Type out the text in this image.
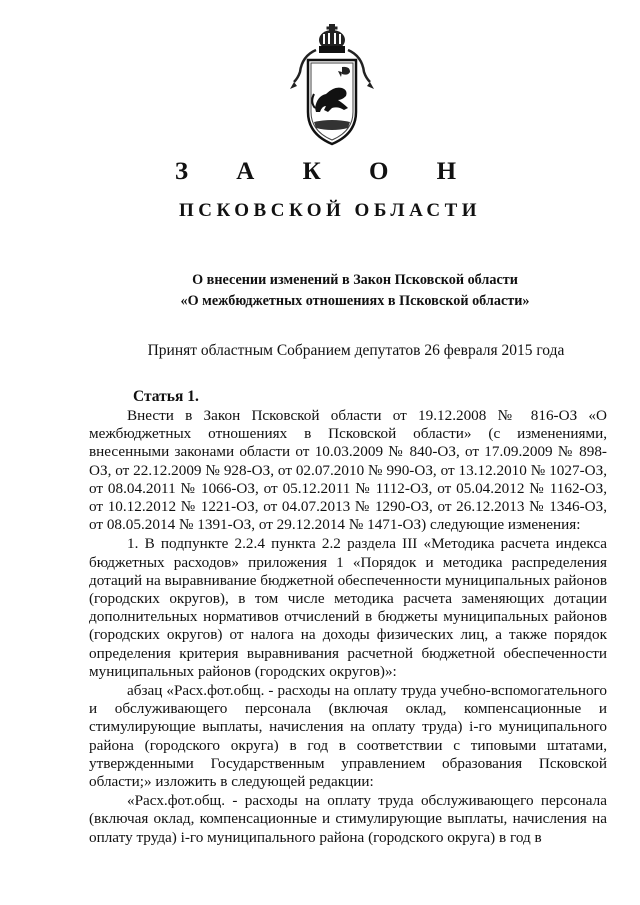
З А К О Н
ПСКОВСКОЙ ОБЛАСТИ
О внесении изменений в Закон Псковской области
«О межбюджетных отношениях в Псковской области»
Принят областным Собранием депутатов 26 февраля 2015 года
Статья 1.

Внести в Закон Псковской области от 19.12.2008 № 816-ОЗ «О межбюджетных отношениях в Псковской области» (с изменениями, внесенными законами области от 10.03.2009 № 840-ОЗ, от 17.09.2009 № 898-ОЗ, от 22.12.2009 № 928-ОЗ, от 02.07.2010 № 990-ОЗ, от 13.12.2010 № 1027-ОЗ, от 08.04.2011 № 1066-ОЗ, от 05.12.2011 № 1112-ОЗ, от 05.04.2012 № 1162-ОЗ, от 10.12.2012 № 1221-ОЗ, от 04.07.2013 № 1290-ОЗ, от 26.12.2013 № 1346-ОЗ, от 08.05.2014 № 1391-ОЗ, от 29.12.2014 № 1471-ОЗ) следующие изменения:

1. В подпункте 2.2.4 пункта 2.2 раздела III «Методика расчета индекса бюджетных расходов» приложения 1 «Порядок и методика распределения дотаций на выравнивание бюджетной обеспеченности муниципальных районов (городских округов), в том числе методика расчета заменяющих дотации дополнительных нормативов отчислений в бюджеты муниципальных районов (городских округов) от налога на доходы физических лиц, а также порядок определения критерия выравнивания расчетной бюджетной обеспеченности муниципальных районов (городских округов)»:

абзац «Расх.фот.общ. - расходы на оплату труда учебно-вспомогательного и обслуживающего персонала (включая оклад, компенсационные и стимулирующие выплаты, начисления на оплату труда) i-го муниципального района (городского округа) в год в соответствии с типовыми штатами, утвержденными Государственным управлением образования Псковской области;» изложить в следующей редакции:

«Расх.фот.общ. - расходы на оплату труда обслуживающего персонала (включая оклад, компенсационные и стимулирующие выплаты, начисления на оплату труда) i-го муниципального района (городского округа) в год в
